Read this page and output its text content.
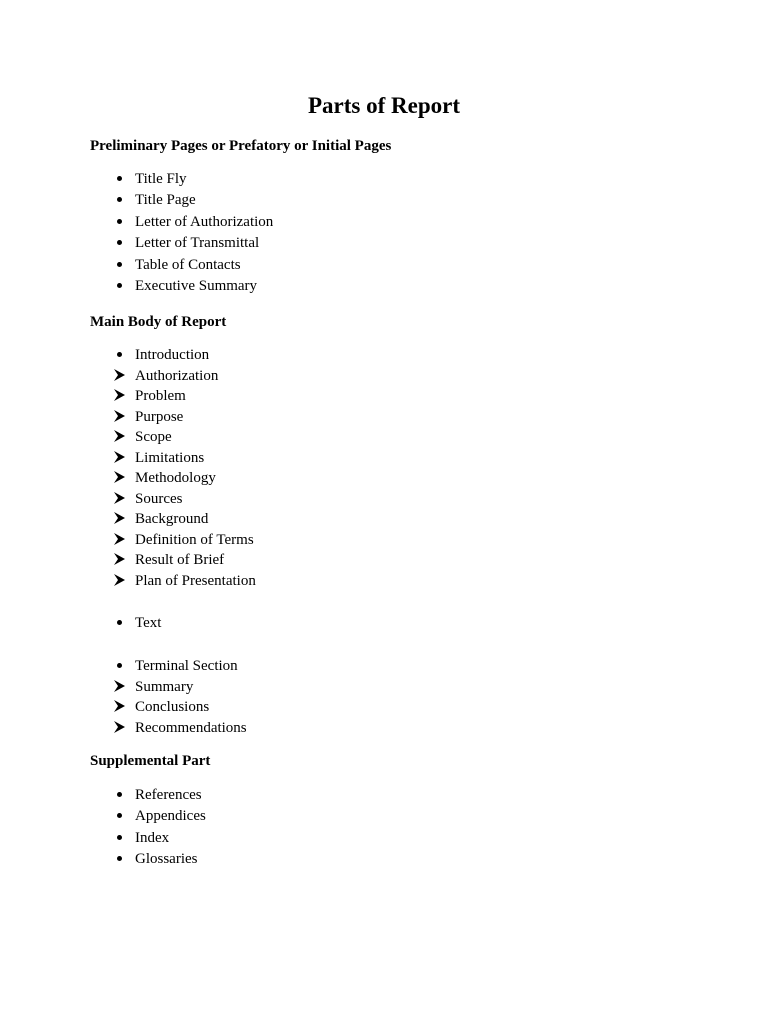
Parts of Report
Preliminary Pages or Prefatory or Initial Pages
Title Fly
Title Page
Letter of Authorization
Letter of Transmittal
Table of Contacts
Executive Summary
Main Body of Report
Introduction
Authorization
Problem
Purpose
Scope
Limitations
Methodology
Sources
Background
Definition of Terms
Result of Brief
Plan of Presentation
Text
Terminal Section
Summary
Conclusions
Recommendations
Supplemental Part
References
Appendices
Index
Glossaries
